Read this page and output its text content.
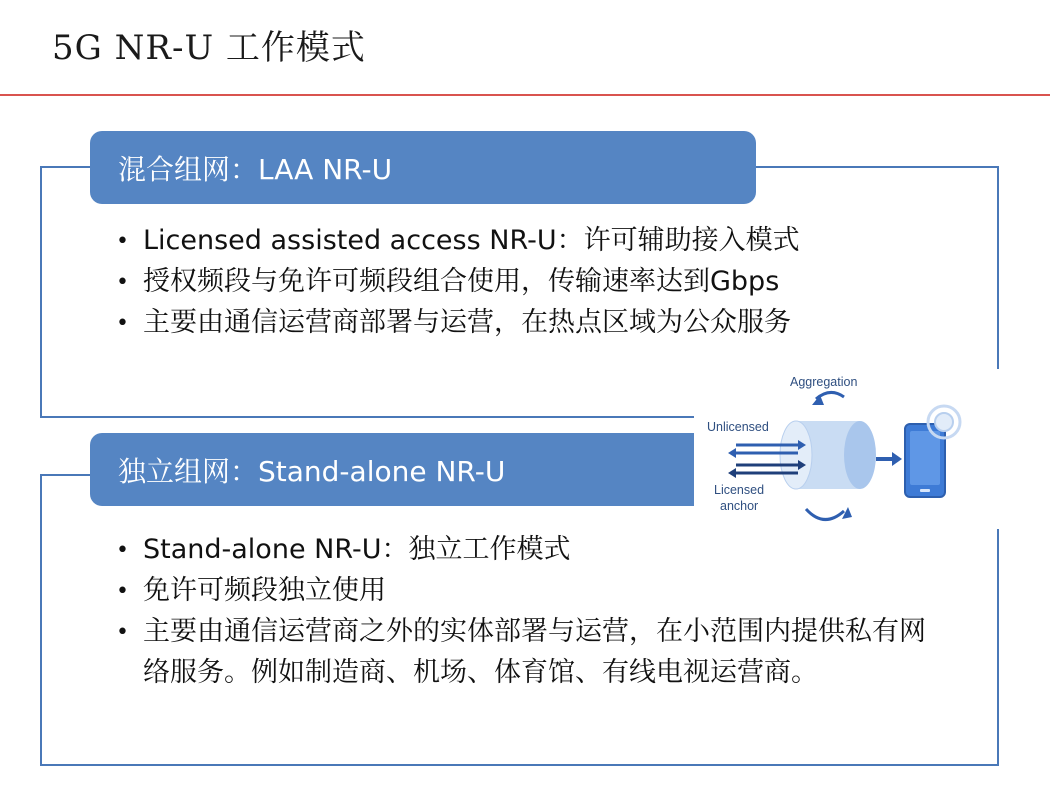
5G NR-U 工作模式
混合组网：LAA NR-U
• Licensed assisted access NR-U：许可辅助接入模式
• 授权频段与免许可频段组合使用，传输速率达到Gbps
• 主要由通信运营商部署与运营，在热点区域为公众服务
独立组网：Stand-alone NR-U
• Stand-alone NR-U：独立工作模式
• 免许可频段独立使用
• 主要由通信运营商之外的实体部署与运营，在小范围内提供私有网络服务。例如制造商、机场、体育馆、有线电视运营商。
Aggregation
Unlicensed
Licensed
anchor
